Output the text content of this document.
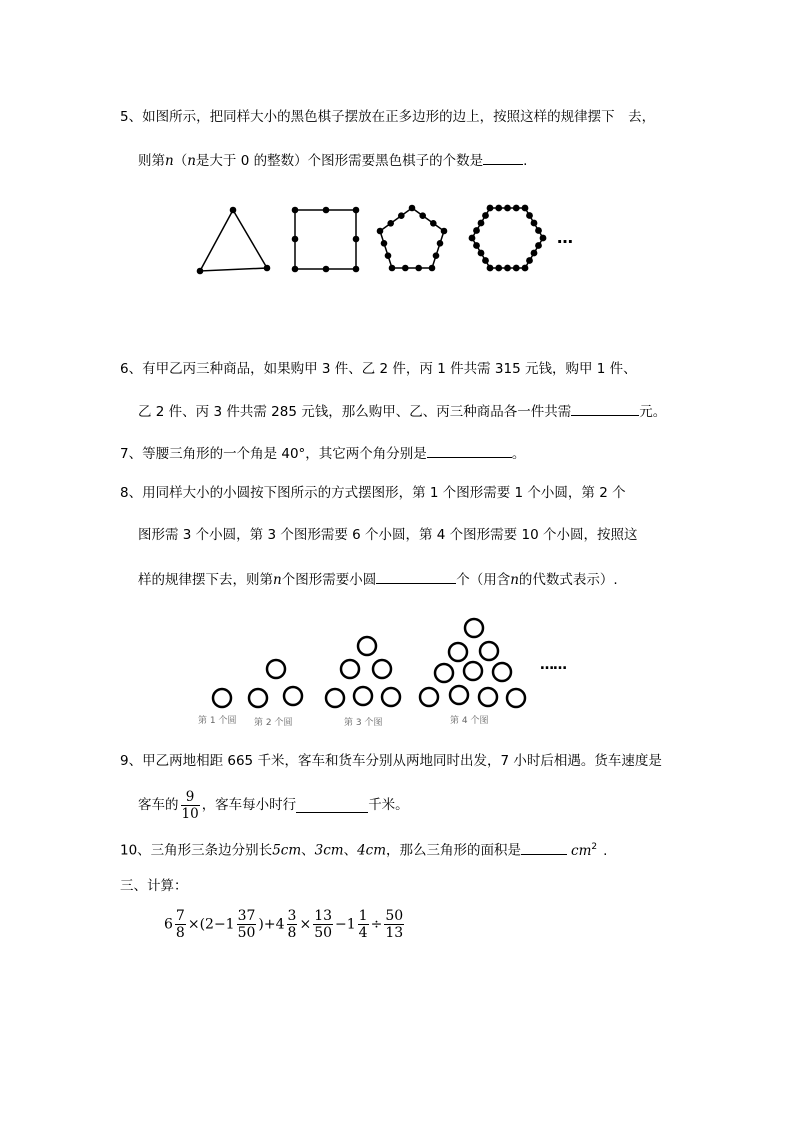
5、如图所示，把同样大小的黑色棋子摆放在正多边形的边上，按照这样的规律摆下　去，
则第n（n是大于 0 的整数）个图形需要黑色棋子的个数是	.
…
6、有甲乙丙三种商品，如果购甲 3 件、乙 2 件，丙 1 件共需 315 元钱，购甲 1 件、
乙 2 件、丙 3 件共需 285 元钱，那么购甲、乙、丙三种商品各一件共需	元。
7、等腰三角形的一个角是 40°，其它两个角分别是	。
8、用同样大小的小圆按下图所示的方式摆图形，第 1 个图形需要 1 个小圆，第 2 个
图形需 3 个小圆，第 3 个图形需要 6 个小圆，第 4 个图形需要 10 个小圆，按照这
样的规律摆下去，则第n个图形需要小圆	个（用含n的代数式表示）.
第 1 个圆 第 2 个圆	第 3 个图	第 4 个图
……
9、甲乙两地相距 665 千米，客车和货车分别从两地同时出发，7 小时后相遇。货车速度是
客车的 $\frac{9}{10}$ ，客车每小时行	千米。
10、三角形三条边分别长5cm、3cm、4cm，那么三角形的面积是	$cm^2$ .
三、计算：
$6 \frac{7}{8} \times(2-1 \frac{37}{50} )+4 \frac{3}{8} \times \frac{13}{50} -1 \frac{1}{4} \div \frac{50}{13}$
